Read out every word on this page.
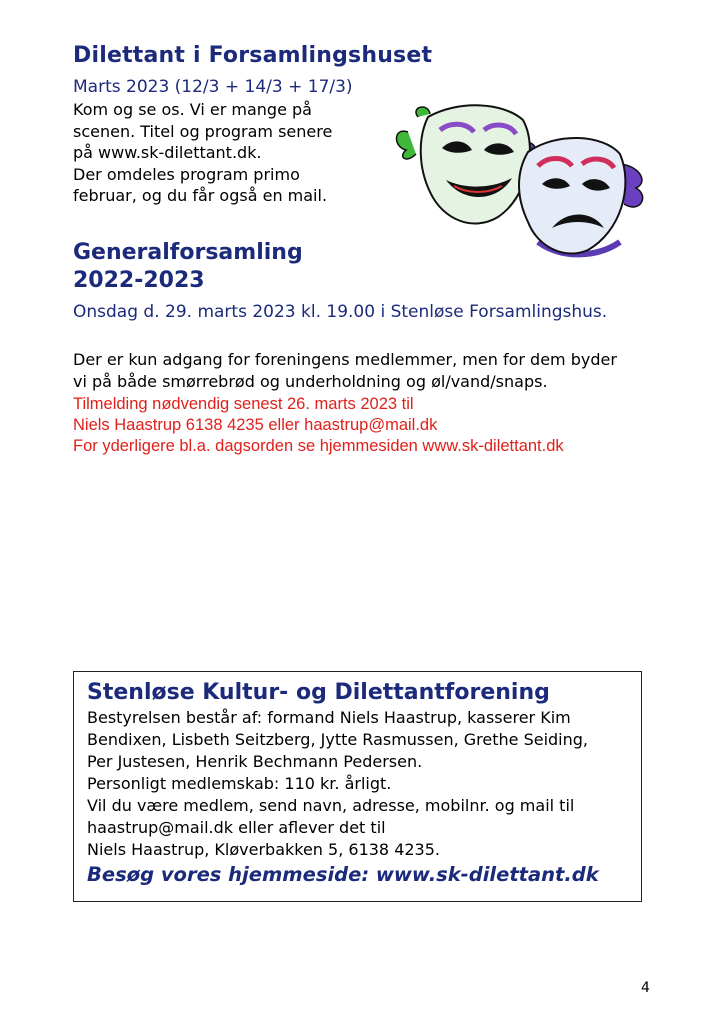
Dilettant i Forsamlingshuset
Marts 2023 (12/3 + 14/3 + 17/3)
Kom og se os. Vi er mange på
scenen. Titel og program senere
på www.sk-dilettant.dk.
Der omdeles program primo
februar, og du får også en mail.
Generalforsamling
2022-2023
Onsdag d. 29. marts 2023 kl. 19.00 i Stenløse Forsamlingshus.
Der er kun adgang for foreningens medlemmer, men for dem byder
vi på både smørrebrød og underholdning og øl/vand/snaps.
Tilmelding nødvendig senest 26. marts 2023 til
Niels Haastrup 6138 4235 eller haastrup@mail.dk
For yderligere bl.a. dagsorden se hjemmesiden www.sk-dilettant.dk
Stenløse Kultur- og Dilettantforening
Bestyrelsen består af: formand Niels Haastrup, kasserer Kim
Bendixen, Lisbeth Seitzberg, Jytte Rasmussen, Grethe Seiding,
Per Justesen, Henrik Bechmann Pedersen.
Personligt medlemskab: 110 kr. årligt.
Vil du være medlem, send navn, adresse, mobilnr. og mail til
haastrup@mail.dk eller aflever det til
Niels Haastrup, Kløverbakken 5, 6138 4235.
Besøg vores hjemmeside: www.sk-dilettant.dk
4
